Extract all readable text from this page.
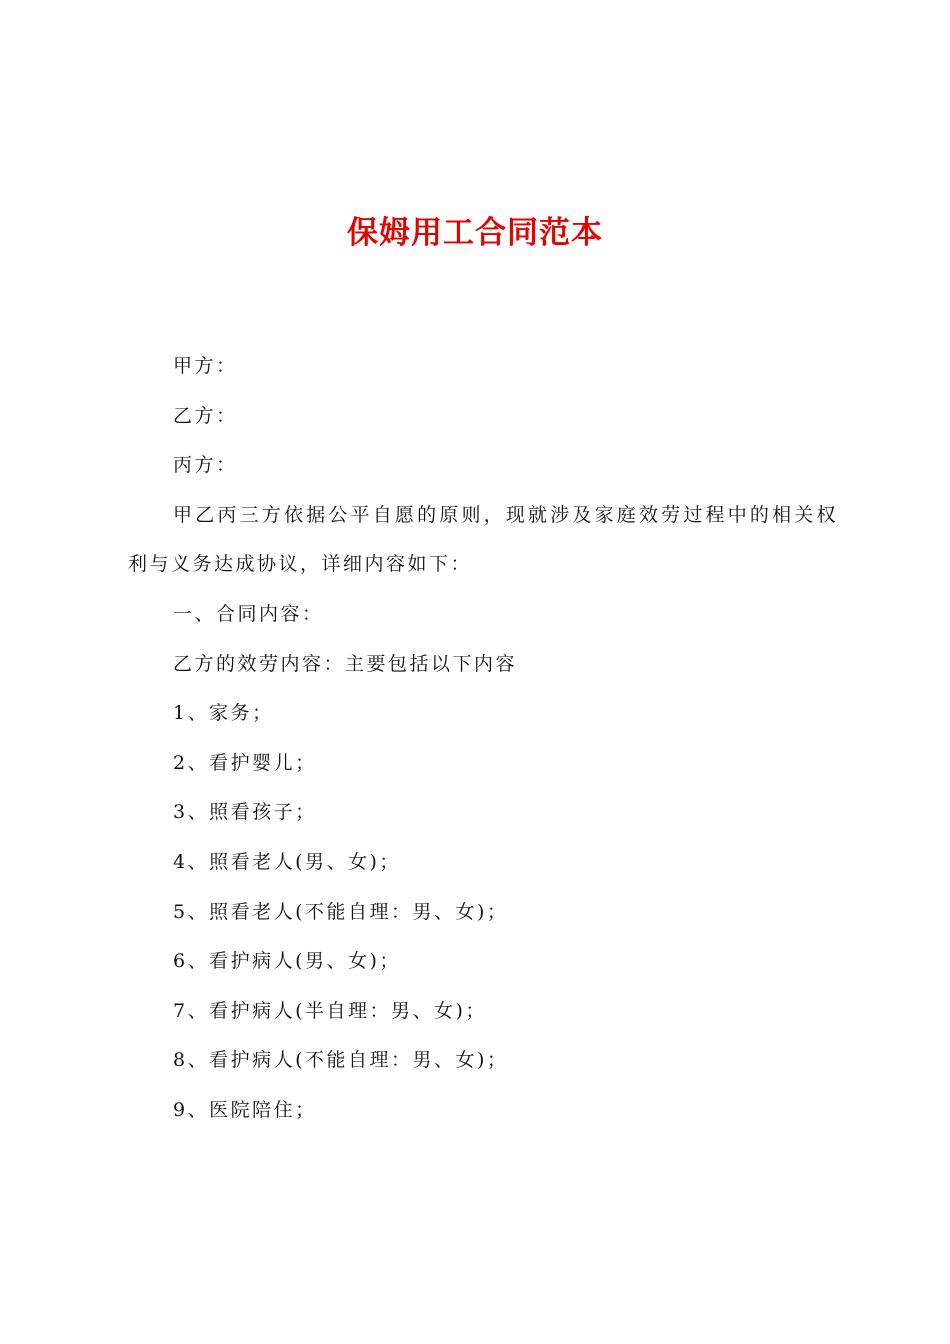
保姆用工合同范本

甲方：

乙方：

丙方：

甲乙丙三方依据公平自愿的原则，现就涉及家庭效劳过程中的相关权利与义务达成协议，详细内容如下：

一、合同内容：

乙方的效劳内容：主要包括以下内容

1、家务；

2、看护婴儿；

3、照看孩子；

4、照看老人(男、女)；

5、照看老人(不能自理：男、女)；

6、看护病人(男、女)；

7、看护病人(半自理：男、女)；

8、看护病人(不能自理：男、女)；

9、医院陪住；
